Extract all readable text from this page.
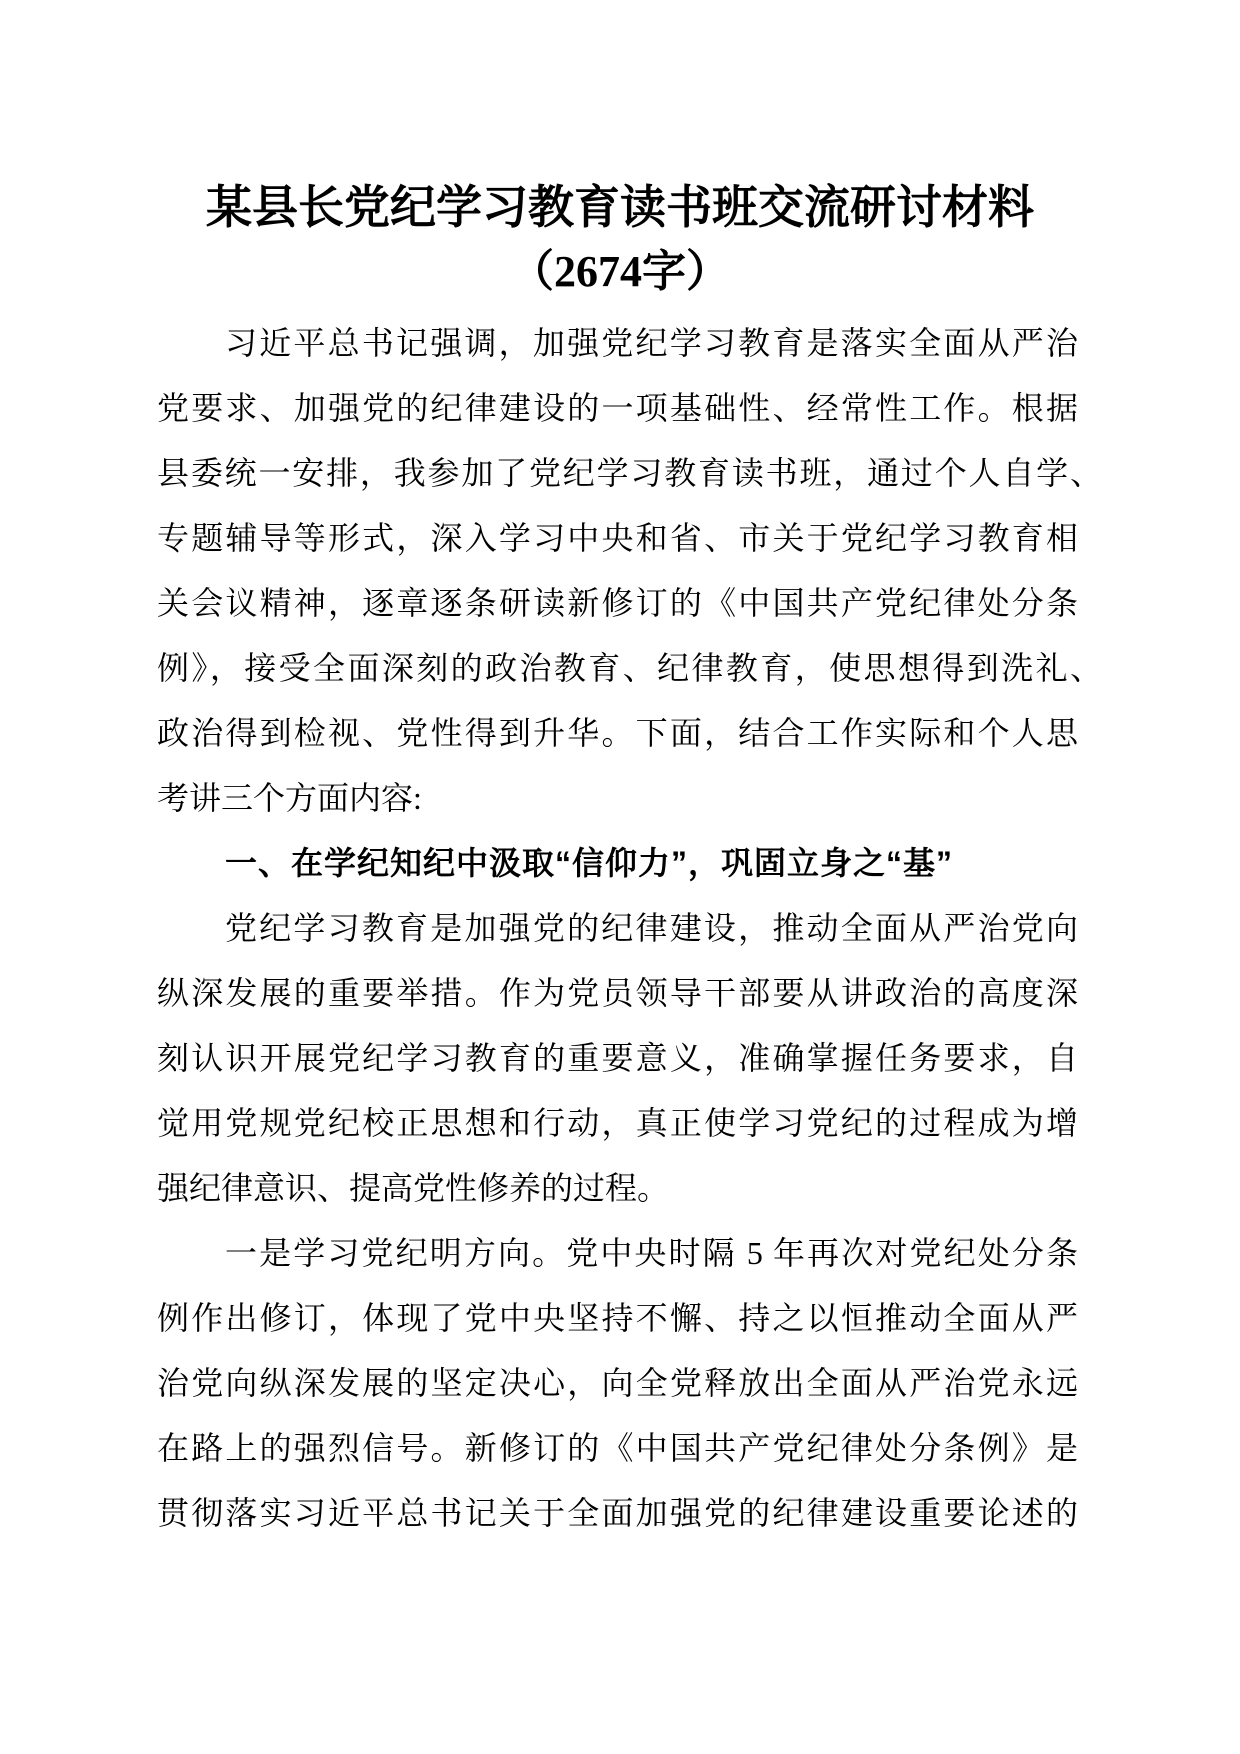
某县长党纪学习教育读书班交流研讨材料
（2674字）
习近平总书记强调，加强党纪学习教育是落实全面从严治
党要求、加强党的纪律建设的一项基础性、经常性工作。根据
县委统一安排，我参加了党纪学习教育读书班，通过个人自学、
专题辅导等形式，深入学习中央和省、市关于党纪学习教育相
关会议精神，逐章逐条研读新修订的《中国共产党纪律处分条
例》，接受全面深刻的政治教育、纪律教育，使思想得到洗礼、
政治得到检视、党性得到升华。下面，结合工作实际和个人思
考讲三个方面内容:
一、在学纪知纪中汲取“信仰力”，巩固立身之“基”
党纪学习教育是加强党的纪律建设，推动全面从严治党向
纵深发展的重要举措。作为党员领导干部要从讲政治的高度深
刻认识开展党纪学习教育的重要意义，准确掌握任务要求，自
觉用党规党纪校正思想和行动，真正使学习党纪的过程成为增
强纪律意识、提高党性修养的过程。
一是学习党纪明方向。党中央时隔 5 年再次对党纪处分条
例作出修订，体现了党中央坚持不懈、持之以恒推动全面从严
治党向纵深发展的坚定决心，向全党释放出全面从严治党永远
在路上的强烈信号。新修订的《中国共产党纪律处分条例》是
贯彻落实习近平总书记关于全面加强党的纪律建设重要论述的
